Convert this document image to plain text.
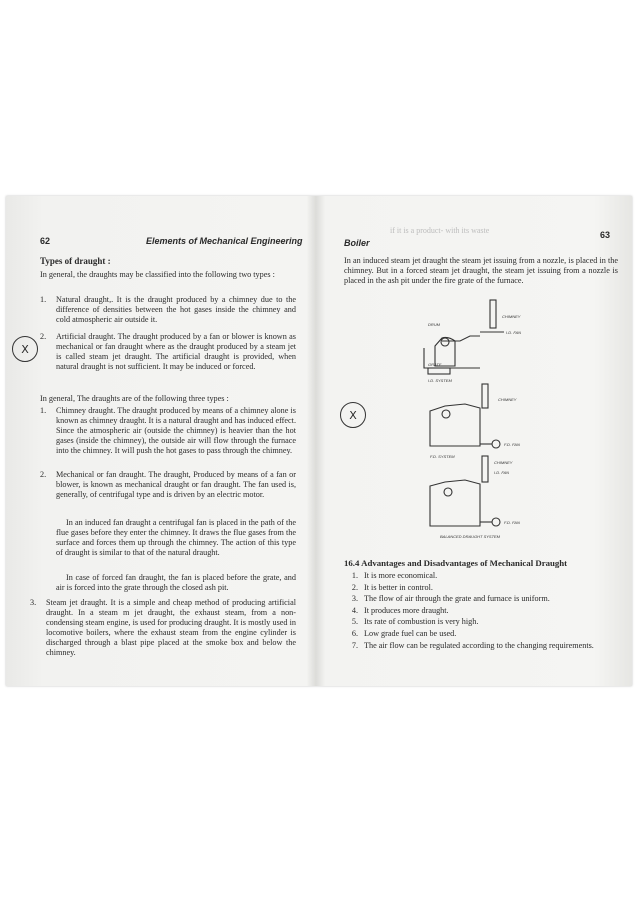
62	Elements of Mechanical Engineering
Types of draught :
In general, the draughts may be classified into the following two types :
1. Natural draught,. It is the draught produced by a chimney due to the difference of densities between the hot gases inside the chimney and cold atmospheric air outside it.
X
2. Artificial draught. The draught produced by a fan or blower is known as mechanical or fan draught where as the draught produced by a steam jet is called steam jet draught. The artificial draught is provided, when natural draught is not sufficient. It may be induced or forced.
In general, The draughts are of the following three types :
1. Chimney draught. The draught produced by means of a chimney alone is known as chimney draught. It is a natural draught and has induced effect. Since the atmospheric air (outside the chimney) is heavier than the hot gases (inside the chimney), the outside air will flow through the furnace into the chimney. It will push the hot gases to pass through the chimney.
2. Mechanical or fan draught. The draught, Produced by means of a fan or blower, is known as mechanical draught or fan draught. The fan used is, generally, of centrifugal type and is driven by an electric motor.
In an induced fan draught a centrifugal fan is placed in the path of the flue gases before they enter the chimney. It draws the flue gases from the surface and forces them up through the chimney. The action of this type of draught is similar to that of the natural draught.
In case of forced fan draught, the fan is placed before the grate, and air is forced into the grate through the closed ash pit.
3. Steam jet draught. It is a simple and cheap method of producing artificial draught. In a steam m jet draught, the exhaust steam, from a non-condensing steam engine, is used for producing draught. It is mostly used in locomotive boilers, where the exhaust steam from the engine cylinder is discharged through a blast pipe placed at the smoke box and below the chimney.
Boiler
if it is a product- with its waste	63
In an induced steam jet draught the steam jet issuing from a nozzle, is placed in the chimney. But in a forced steam jet draught, the steam jet issuing from a nozzle is placed in the ash pit under the fire grate of the furnace.
X
DRUM
CHIMNEY
I.D. FAN
GRATE
I.D. SYSTEM
CHIMNEY
F.D. FAN
F.D. SYSTEM
CHIMNEY
I.D. FAN
F.D. FAN
BALANCED DRAUGHT SYSTEM
16.4 Advantages and Disadvantages of Mechanical Draught
1. It is more economical.
2. It is better in control.
3. The flow of air through the grate and furnace is uniform.
4. It produces more draught.
5. Its rate of combustion is very high.
6. Low grade fuel can be used.
7. The air flow can be regulated according to the changing requirements.
